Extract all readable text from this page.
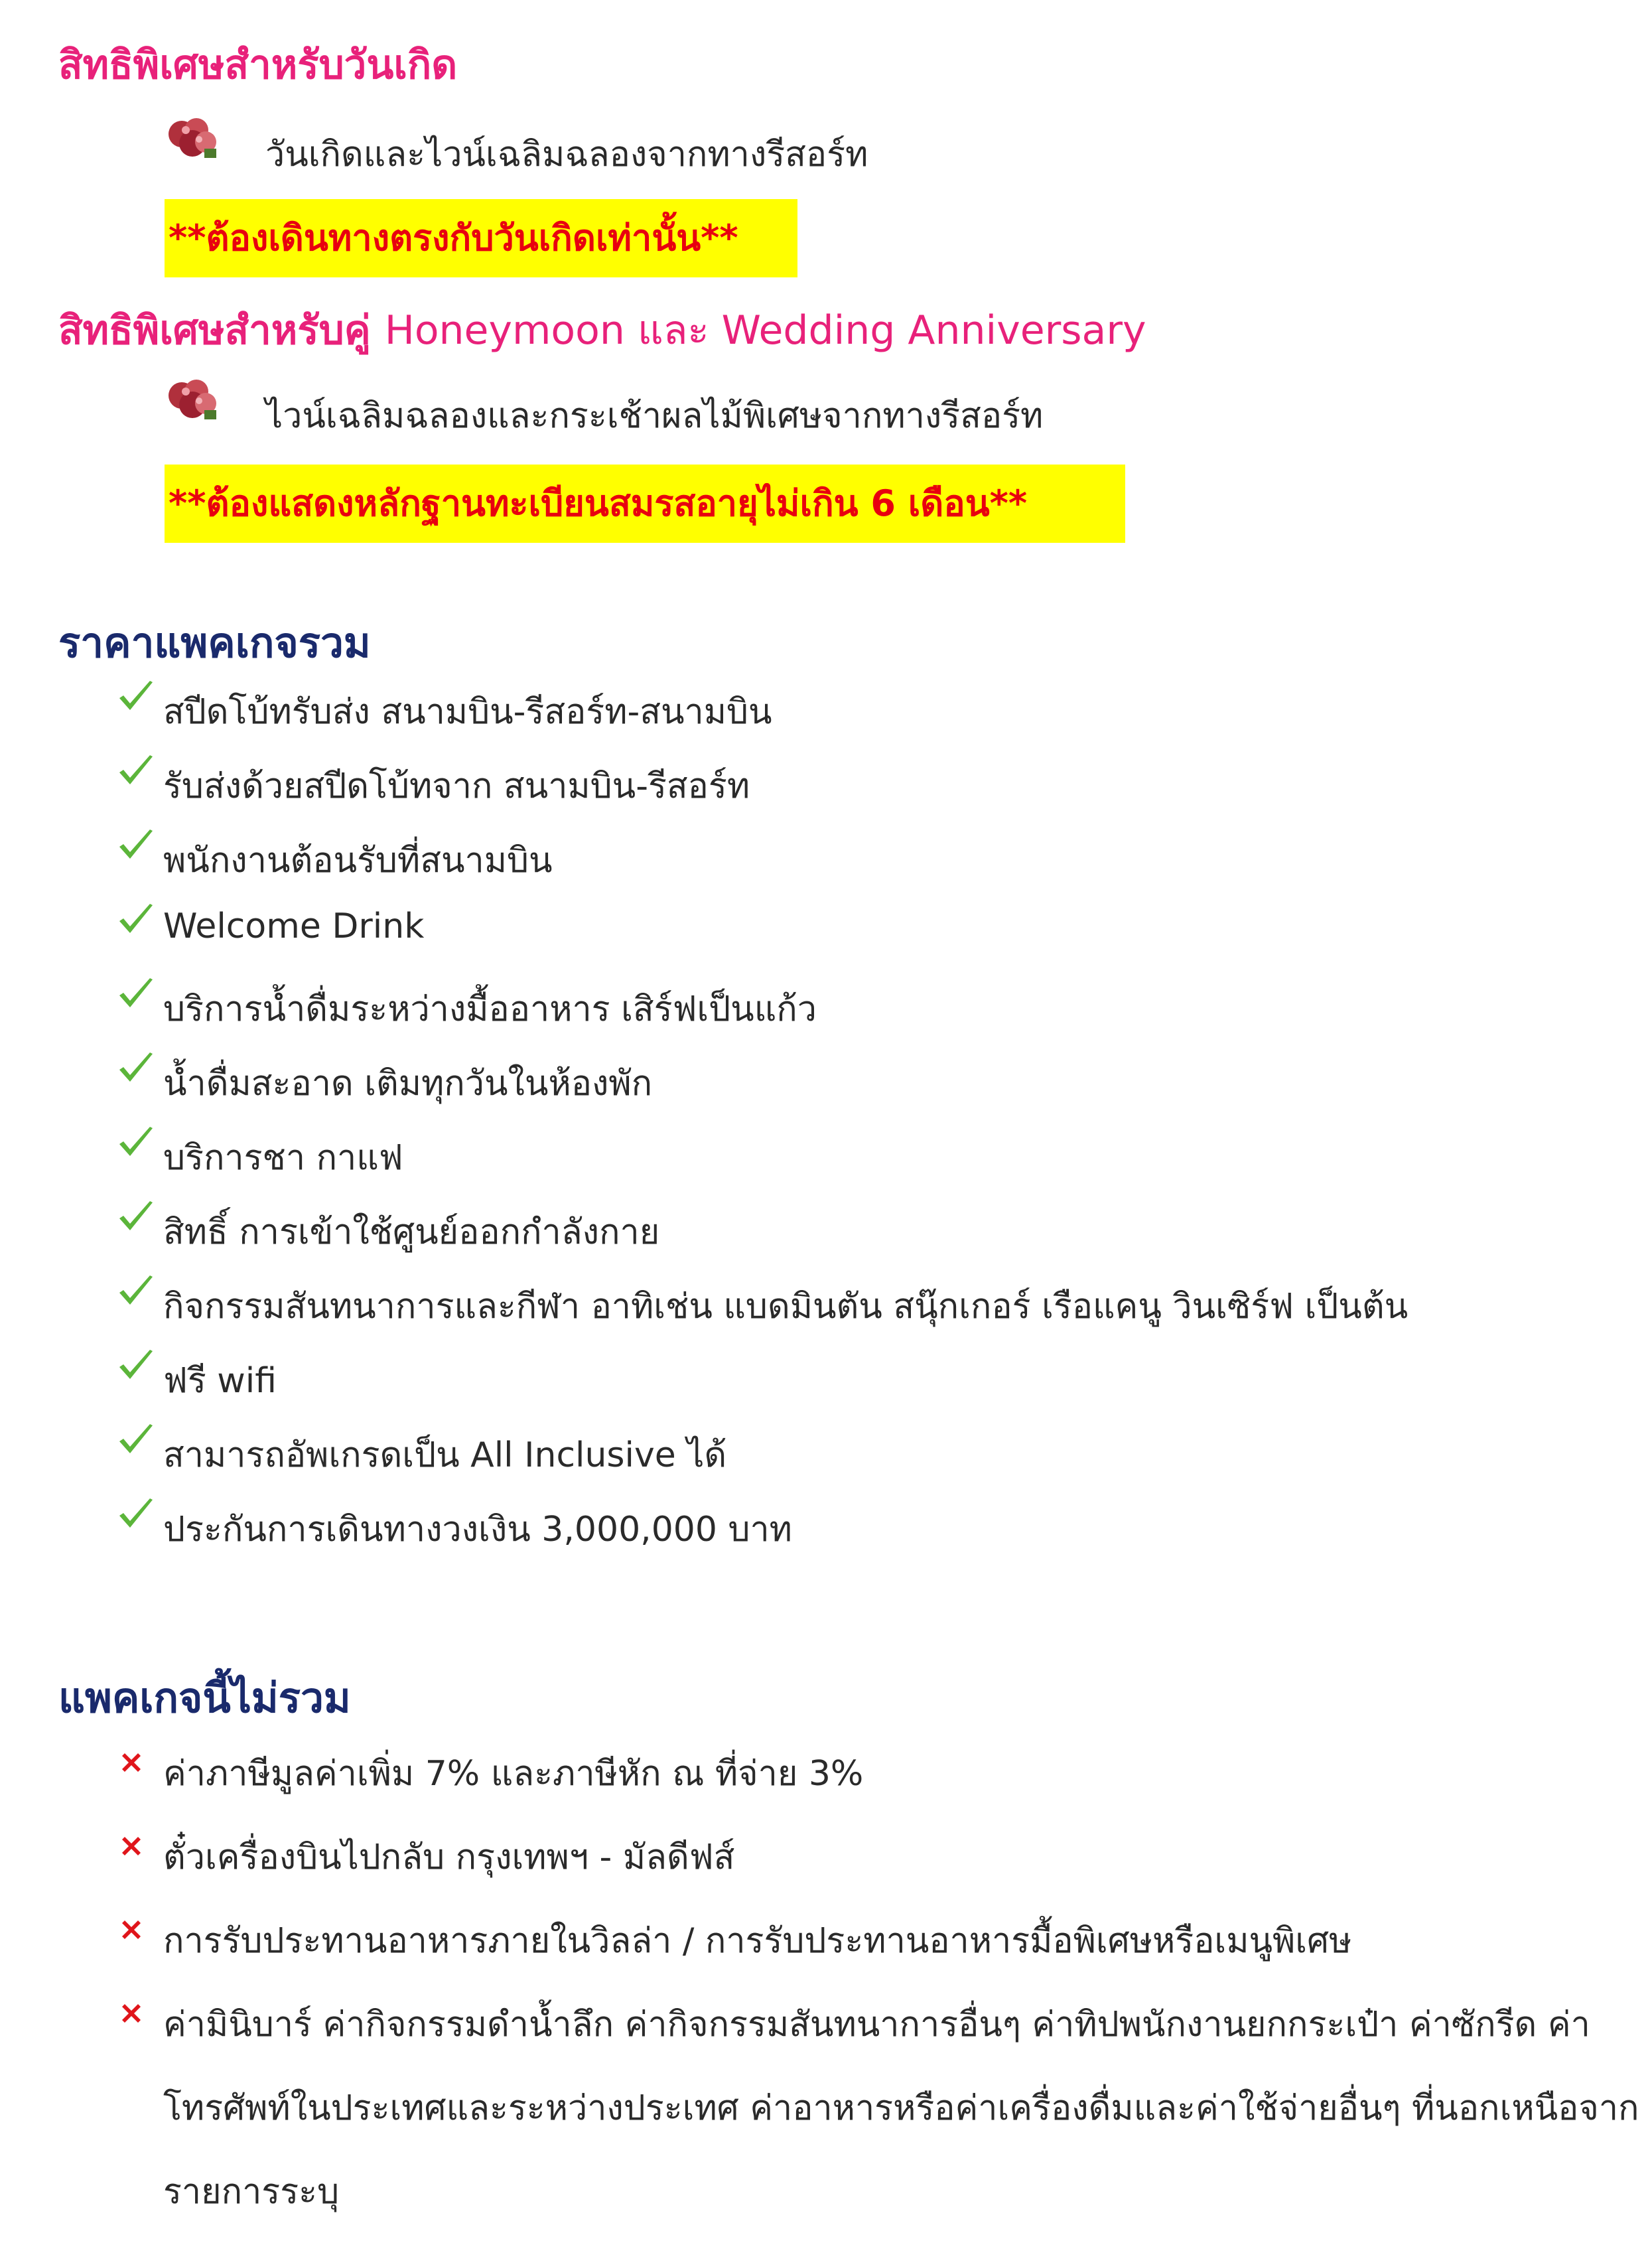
สิทธิพิเศษสำหรับวันเกิด
วันเกิดและไวน์เฉลิมฉลองจากทางรีสอร์ท
**ต้องเดินทางตรงกับวันเกิดเท่านั้น**
สิทธิพิเศษสำหรับคู่ Honeymoon และ Wedding Anniversary
ไวน์เฉลิมฉลองและกระเช้าผลไม้พิเศษจากทางรีสอร์ท
**ต้องแสดงหลักฐานทะเบียนสมรสอายุไม่เกิน 6 เดือน**
ราคาแพคเกจรวม
สปีดโบ้ทรับส่ง สนามบิน-รีสอร์ท-สนามบิน
รับส่งด้วยสปีดโบ้ทจาก สนามบิน-รีสอร์ท
พนักงานต้อนรับที่สนามบิน
Welcome Drink
บริการน้ำดื่มระหว่างมื้ออาหาร เสิร์ฟเป็นแก้ว
น้ำดื่มสะอาด เติมทุกวันในห้องพัก
บริการชา กาแฟ
สิทธิ์ การเข้าใช้ศูนย์ออกกำลังกาย
กิจกรรมสันทนาการและกีฬา อาทิเช่น แบดมินตัน สนุ๊กเกอร์ เรือแคนู วินเซิร์ฟ เป็นต้น
ฟรี wifi
สามารถอัพเกรดเป็น All Inclusive ได้
ประกันการเดินทางวงเงิน 3,000,000 บาท
แพคเกจนี้ไม่รวม
ค่าภาษีมูลค่าเพิ่ม 7% และภาษีหัก ณ ที่จ่าย 3%
ตั๋วเครื่องบินไปกลับ กรุงเทพฯ - มัลดีฟส์
การรับประทานอาหารภายในวิลล่า / การรับประทานอาหารมื้อพิเศษหรือเมนูพิเศษ
ค่ามินิบาร์ ค่ากิจกรรมดำน้ำลึก ค่ากิจกรรมสันทนาการอื่นๆ ค่าทิปพนักงานยกกระเป๋า ค่าซักรีด ค่า
โทรศัพท์ในประเทศและระหว่างประเทศ ค่าอาหารหรือค่าเครื่องดื่มและค่าใช้จ่ายอื่นๆ ที่นอกเหนือจาก
รายการระบุ
